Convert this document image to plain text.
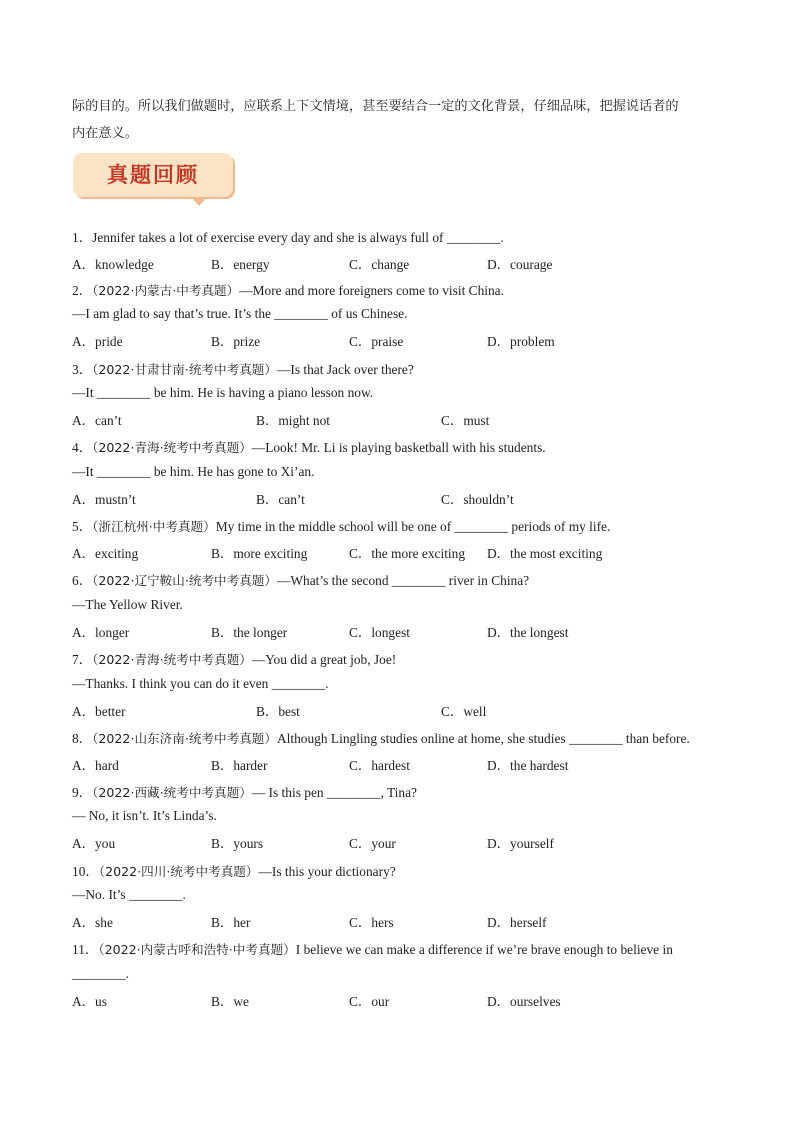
际的目的。所以我们做题时，应联系上下文情境，甚至要结合一定的文化背景，仔细品味，把握说话者的
内在意义。
真题回顾
1．Jennifer takes a lot of exercise every day and she is always full of ________.
A．knowledge	B．energy	C．change	D．courage
2．（2022·内蒙古·中考真题）—More and more foreigners come to visit China.
—I am glad to say that’s true. It’s the ________ of us Chinese.
A．pride	B．prize	C．praise	D．problem
3．（2022·甘肃甘南·统考中考真题）—Is that Jack over there?
—It ________ be him. He is having a piano lesson now.
A．can’t	B．might not	C．must
4．（2022·青海·统考中考真题）—Look! Mr. Li is playing basketball with his students.
—It ________ be him. He has gone to Xi’an.
A．mustn’t	B．can’t	C．shouldn’t
5．（浙江杭州·中考真题）My time in the middle school will be one of ________ periods of my life.
A．exciting	B．more exciting	C．the more exciting D．the most exciting
6．（2022·辽宁鞍山·统考中考真题）—What’s the second ________ river in China?
—The Yellow River.
A．longer	B．the longer	C．longest	D．the longest
7．（2022·青海·统考中考真题）—You did a great job, Joe!
—Thanks. I think you can do it even ________.
A．better	B．best	C．well
8．（2022·山东济南·统考中考真题）Although Lingling studies online at home, she studies ________ than before.
A．hard	B．harder	C．hardest	D．the hardest
9．（2022·西藏·统考中考真题）— Is this pen ________, Tina?
— No, it isn’t. It’s Linda’s.
A．you	B．yours	C．your	D．yourself
10．（2022·四川·统考中考真题）—Is this your dictionary?
—No. It’s ________.
A．she	B．her	C．hers	D．herself
11．（2022·内蒙古呼和浩特·中考真题）I believe we can make a difference if we’re brave enough to believe in
________.
A．us	B．we	C．our	D．ourselves
